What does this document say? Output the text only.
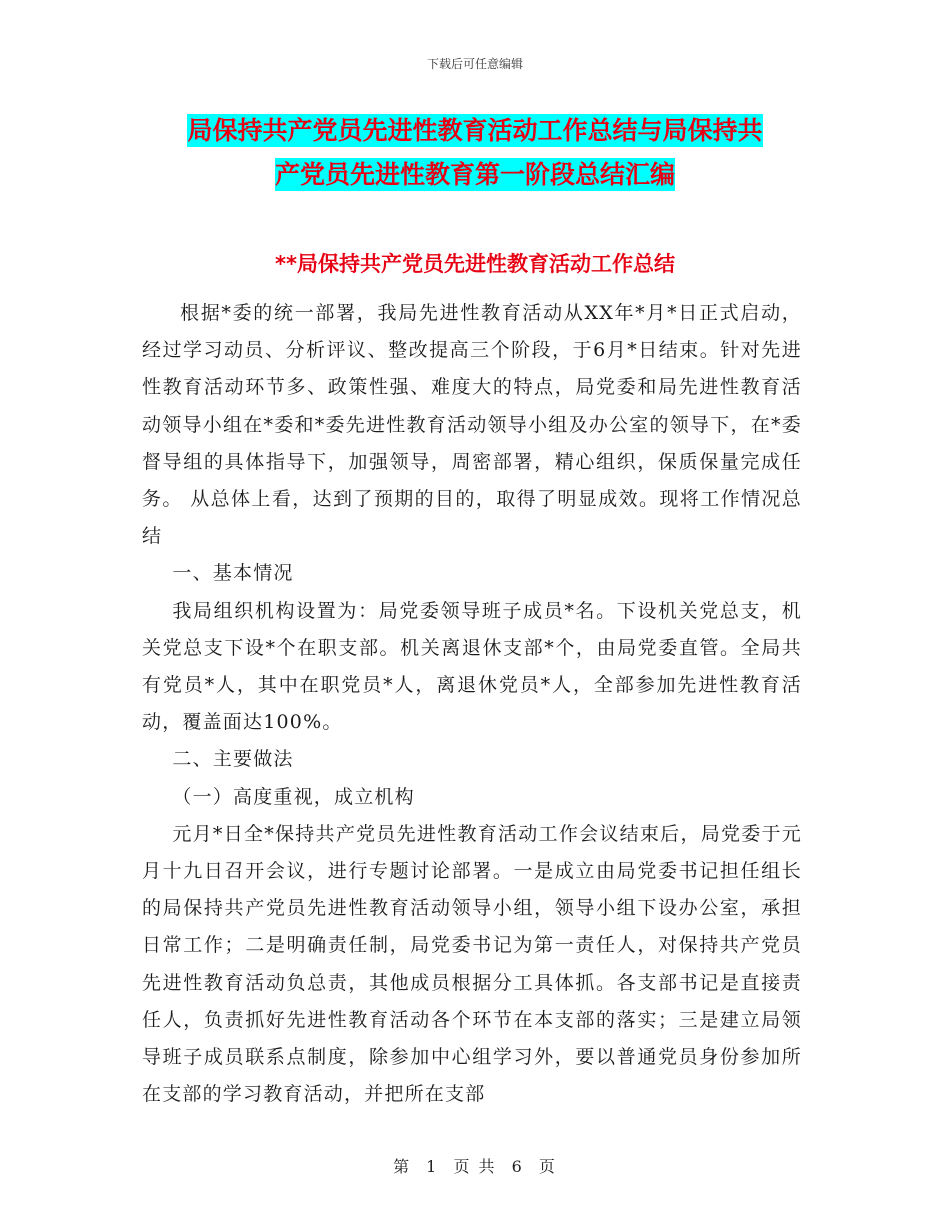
下载后可任意编辑
局保持共产党员先进性教育活动工作总结与局保持共
产党员先进性教育第一阶段总结汇编
**局保持共产党员先进性教育活动工作总结

根据*委的统一部署，我局先进性教育活动从XX年*月*日正式启动，经过学习动员、分析评议、整改提高三个阶段，于6月*日结束。针对先进性教育活动环节多、政策性强、难度大的特点，局党委和局先进性教育活动领导小组在*委和*委先进性教育活动领导小组及办公室的领导下，在*委督导组的具体指导下，加强领导，周密部署，精心组织，保质保量完成任务。 从总体上看，达到了预期的目的，取得了明显成效。现将工作情况总结

一、基本情况

我局组织机构设置为：局党委领导班子成员*名。下设机关党总支，机关党总支下设*个在职支部。机关离退休支部*个，由局党委直管。全局共有党员*人，其中在职党员*人，离退休党员*人，全部参加先进性教育活动，覆盖面达100%。

二、主要做法

（一）高度重视，成立机构

元月*日全*保持共产党员先进性教育活动工作会议结束后，局党委于元月十九日召开会议，进行专题讨论部署。一是成立由局党委书记担任组长的局保持共产党员先进性教育活动领导小组，领导小组下设办公室，承担日常工作；二是明确责任制，局党委书记为第一责任人，对保持共产党员先进性教育活动负总责，其他成员根据分工具体抓。各支部书记是直接责任人，负责抓好先进性教育活动各个环节在本支部的落实；三是建立局领导班子成员联系点制度，除参加中心组学习外，要以普通党员身份参加所在支部的学习教育活动，并把所在支部

第 1 页 共 6 页
